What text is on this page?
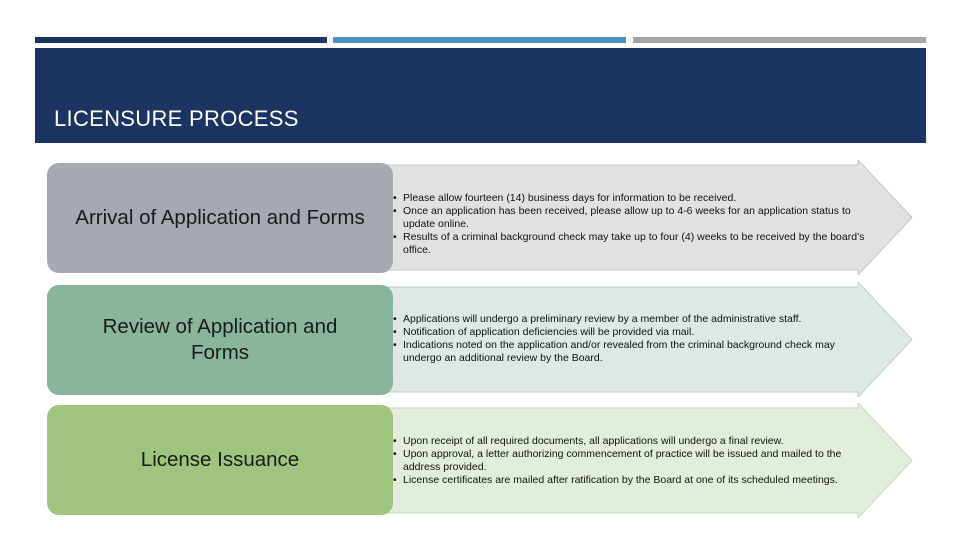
LICENSURE PROCESS
Arrival of Application and Forms
• Please allow fourteen (14) business days for information to be received.
• Once an application has been received, please allow up to 4-6 weeks for an application status to update online.
• Results of a criminal background check may take up to four (4) weeks to be received by the board’s office.
Review of Application and Forms
• Applications will undergo a preliminary review by a member of the administrative staff.
• Notification of application deficiencies will be provided via mail.
• Indications noted on the application and/or revealed from the criminal background check may undergo an additional review by the Board.
License Issuance
• Upon receipt of all required documents, all applications will undergo a final review.
• Upon approval, a letter authorizing commencement of practice will be issued and mailed to the address provided.
• License certificates are mailed after ratification by the Board at one of its scheduled meetings.
